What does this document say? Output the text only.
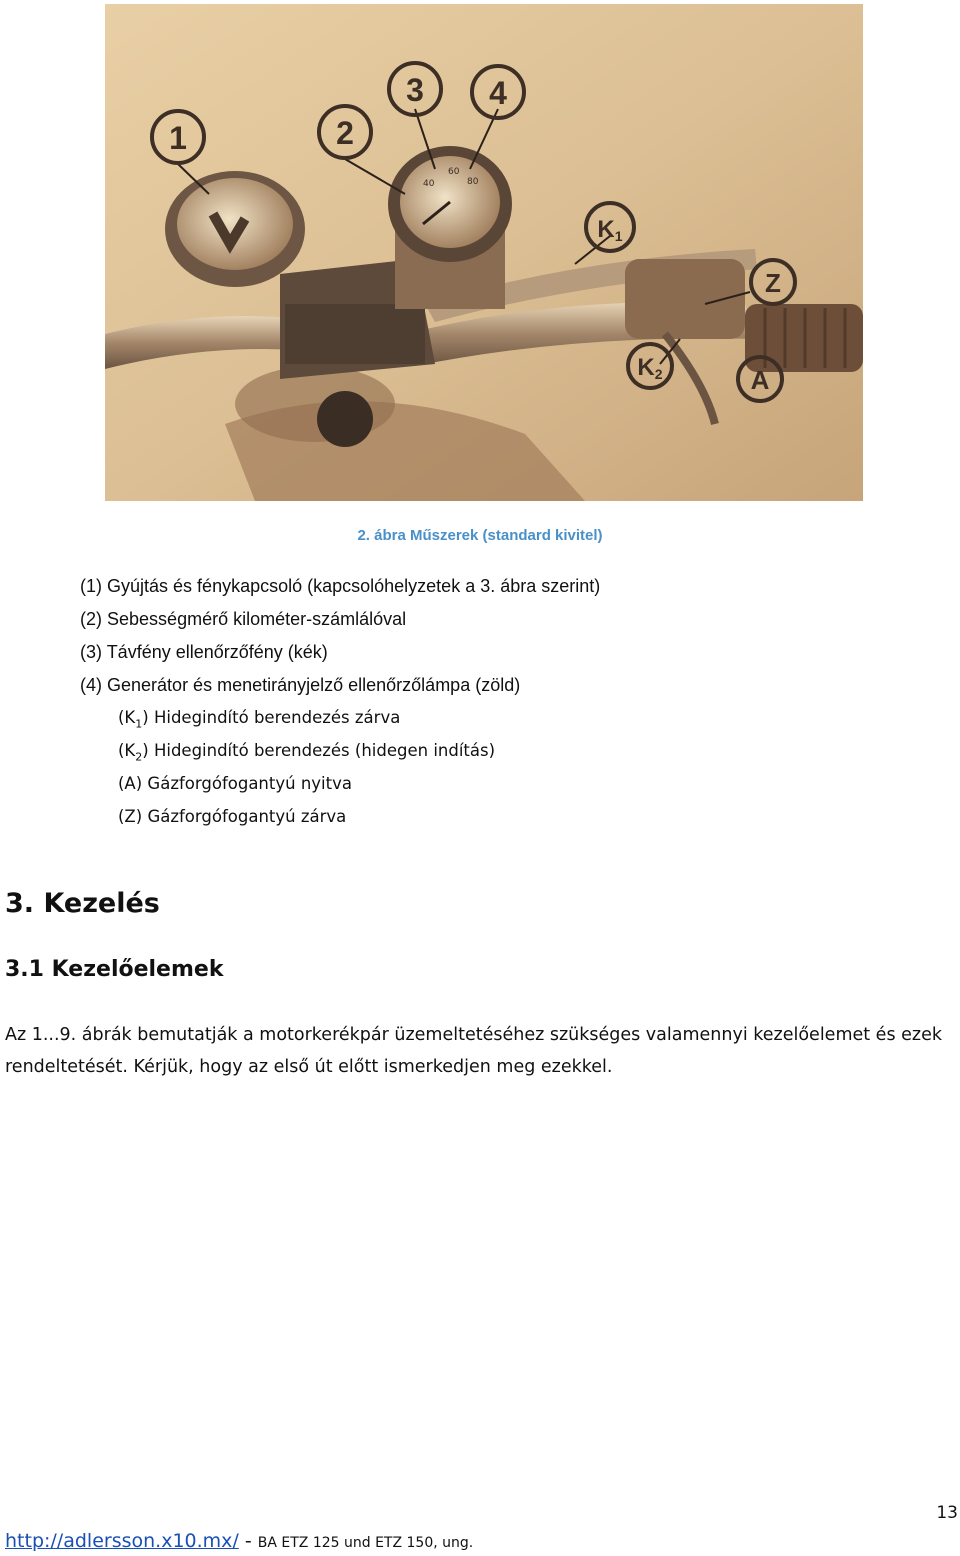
40
60
80
1	2
3 4
K1
Z
K2	A
2. ábra Műszerek (standard kivitel)
(1) Gyújtás és fénykapcsoló (kapcsolóhelyzetek a 3. ábra szerint)
(2) Sebességmérő kilométer-számlálóval
(3) Távfény ellenőrzőfény (kék)
(4) Generátor és menetirányjelző ellenőrzőlámpa (zöld)
$(K_1)$ Hidegindító berendezés zárva
$(K_2)$ Hidegindító berendezés (hidegen indítás)
(A) Gázforgófogantyú nyitva
(Z) Gázforgófogantyú zárva
3. Kezelés
3.1 Kezelőelemek
Az 1...9. ábrák bemutatják a motorkerékpár üzemeltetéséhez szükséges valamennyi kezelőelemet és ezek rendeltetését. Kérjük, hogy az első út előtt ismerkedjen meg ezekkel.
13
http://adlersson.x10.mx/ - BA ETZ 125 und ETZ 150, ung.
